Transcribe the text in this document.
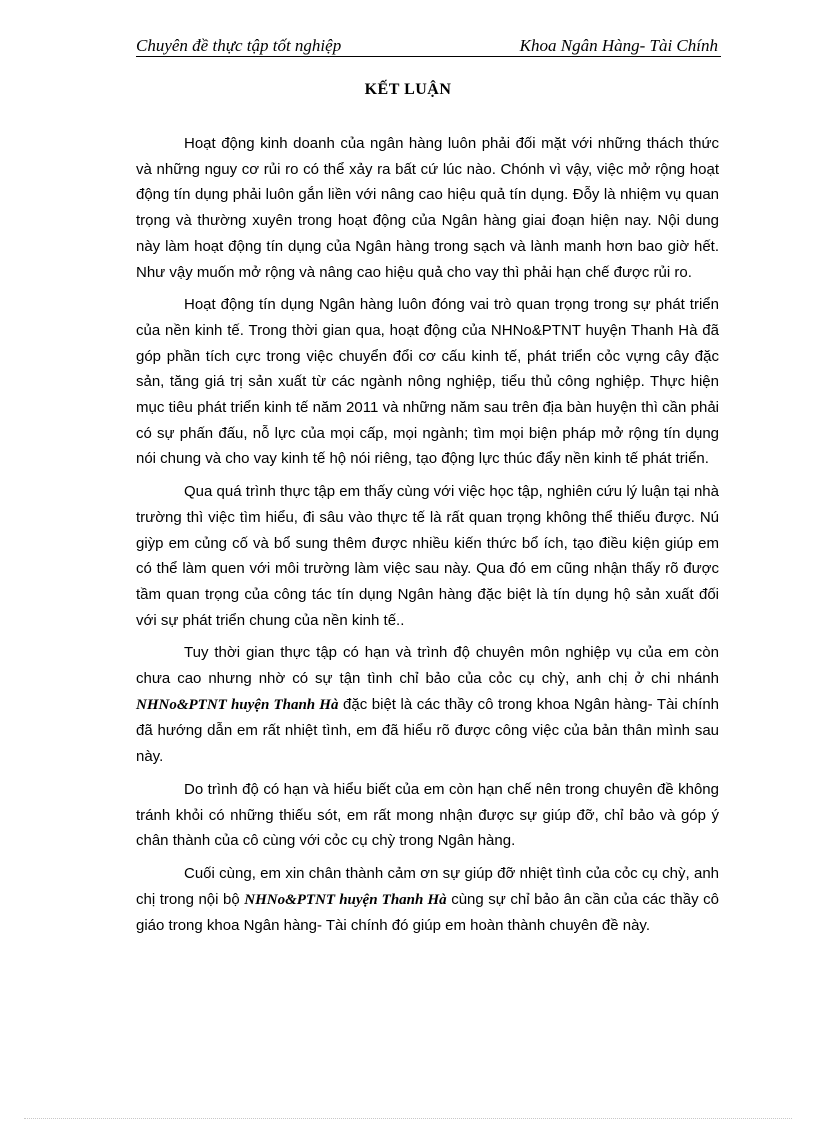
Chuyên đề thực tập tốt nghiệp	Khoa Ngân Hàng- Tài Chính
KẾT LUẬN

Hoạt động kinh doanh của ngân hàng luôn phải đối mặt với những thách thức và những nguy cơ rủi ro có thể xảy ra bất cứ lúc nào. Chónh vì vậy, việc mở rộng hoạt động tín dụng phải luôn gắn liền với nâng cao hiệu quả tín dụng. Đỗy là nhiệm vụ quan trọng và thường xuyên trong hoạt động của Ngân hàng giai đoạn hiện nay. Nội dung này làm hoạt động tín dụng của Ngân hàng trong sạch và lành manh hơn bao giờ hết. Như vậy muốn mở rộng và nâng cao hiệu quả cho vay thì phải hạn chế được rủi ro.

Hoạt động tín dụng Ngân hàng luôn đóng vai trò quan trọng trong sự phát triển của nền kinh tế. Trong thời gian qua, hoạt động của NHNo&PTNT huyện Thanh Hà đã góp phần tích cực trong việc chuyển đổi cơ cấu kinh tế, phát triển cỏc vựng cây đặc sản, tăng giá trị sản xuất từ các ngành nông nghiệp, tiểu thủ công nghiệp. Thực hiện mục tiêu phát triển kinh tế năm 2011 và những năm sau trên địa bàn huyện thì cần phải có sự phấn đấu, nỗ lực của mọi cấp, mọi ngành; tìm mọi biện pháp mở rộng tín dụng nói chung và cho vay kinh tế hộ nói riêng, tạo động lực thúc đẩy nền kinh tế phát triển.

Qua quá trình thực tập em thấy cùng với việc học tập, nghiên cứu lý luận tại nhà trường thì việc tìm hiểu, đi sâu vào thực tế là rất quan trọng không thể thiếu được. Nú giỳp em củng cố và bổ sung thêm được nhiều kiến thức bổ ích, tạo điều kiện giúp em có thể làm quen với môi trường làm việc sau này. Qua đó em cũng nhận thấy rõ được tầm quan trọng của công tác tín dụng Ngân hàng đặc biệt là tín dụng hộ sản xuất đối với sự phát triển chung của nền kinh tế..

Tuy thời gian thực tập có hạn và trình độ chuyên môn nghiệp vụ của em còn chưa cao nhưng nhờ có sự tận tình chỉ bảo của cỏc cụ chỳ, anh chị ở chi nhánh NHNo&PTNT huyện Thanh Hà đặc biệt là các thầy cô trong khoa Ngân hàng- Tài chính đã hướng dẫn em rất nhiệt tình, em đã hiểu rõ được công việc của bản thân mình sau này.

Do trình độ có hạn và hiểu biết của em còn hạn chế nên trong chuyên đề không tránh khỏi có những thiếu sót, em rất mong nhận được sự giúp đỡ, chỉ bảo và góp ý chân thành của cô cùng với cỏc cụ chỳ trong Ngân hàng.

Cuối cùng, em xin chân thành cảm ơn sự giúp đỡ nhiệt tình của cỏc cụ chỳ, anh chị trong nội bộ NHNo&PTNT huyện Thanh Hà cùng sự chỉ bảo ân cần của các thầy cô giáo trong khoa Ngân hàng- Tài chính đó giúp em hoàn thành chuyên đề này.
